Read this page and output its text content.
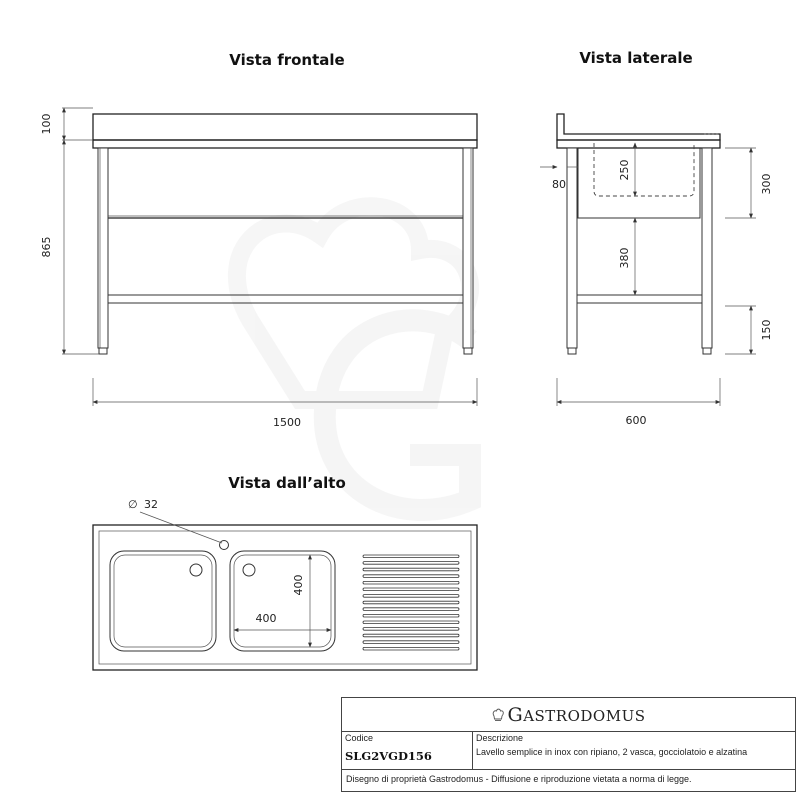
Vista frontale
100
865
1500
Vista laterale
80
250
380
300
150
600
Vista dall’alto
∅ 32
400
400
GASTRODOMUS
Codice
SLG2VGD156
Descrizione
Lavello semplice in inox con ripiano, 2 vasca, gocciolatoio e alzatina
Disegno di proprietà Gastrodomus - Diffusione e riproduzione vietata a norma di legge.
